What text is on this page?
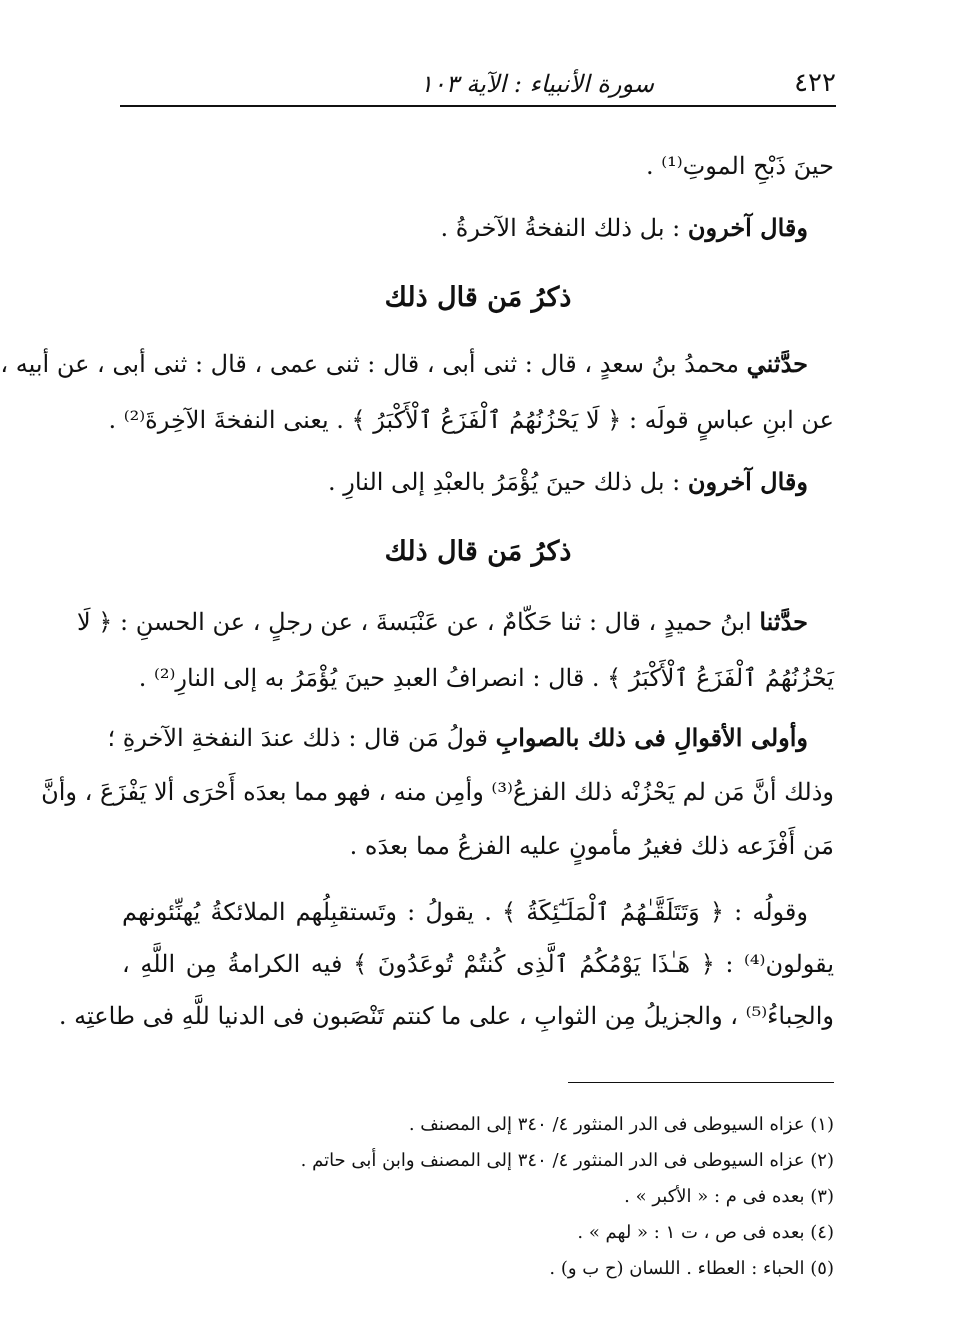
٤٢٢
سورة الأنبياء : الآية ١٠٣
حينَ ذَبْحِ الموتِ⁽¹⁾ .
وقال آخرون : بل ذلك النفخةُ الآخرةُ .
ذكرُ مَن قال ذلك
حدَّثني محمدُ بنُ سعدٍ ، قال : ثنى أبى ، قال : ثنى عمى ، قال : ثنى أبى ، عن أبيه ،
عن ابنِ عباسٍ قولَه : ﴿ لَا يَحْزُنُهُمُ ٱلْفَزَعُ ٱلْأَكْبَرُ ﴾ . يعنى النفخةَ الآخِرةَ⁽²⁾ .
وقال آخرون : بل ذلك حينَ يُؤْمَرُ بالعبْدِ إلى النارِ .
ذكرُ مَن قال ذلك
حدَّثنا ابنُ حميدٍ ، قال : ثنا حَكّامٌ ، عن عَنْبَسةَ ، عن رجلٍ ، عن الحسنِ : ﴿ لَا
يَحْزُنُهُمُ ٱلْفَزَعُ ٱلْأَكْبَرُ ﴾ . قال : انصرافُ العبدِ حينَ يُؤْمَرُ به إلى النارِ⁽²⁾ .
وأولى الأقوالِ فى ذلك بالصوابِ قولُ مَن قال : ذلك عندَ النفخةِ الآخرةِ ؛
وذلك أنَّ مَن لم يَحْزُنْه ذلك الفزعُ⁽³⁾ وأمِن منه ، فهو مما بعدَه أَحْرَى ألا يَفْزَعَ ، وأنَّ
مَن أَفْزَعه ذلك فغيرُ مأمونٍ عليه الفزعُ مما بعدَه .
وقولُه : ﴿ وَتَتَلَقَّـٰهُمُ ٱلْمَلَـٰٓئِكَةُ ﴾ . يقولُ : وتَستقبِلُهم الملائكةُ يُهنِّئونهم
يقولون⁽⁴⁾ : ﴿ هَـٰذَا يَوْمُكُمُ ٱلَّذِى كُنتُمْ تُوعَدُونَ ﴾ فيه الكرامةُ مِن اللَّهِ ،
والحِباءُ⁽⁵⁾ ، والجزيلُ مِن الثوابِ ، على ما كنتم تَنْصَبون فى الدنيا للَّهِ فى طاعتِه .
(١) عزاه السيوطى فى الدر المنثور ٤/ ٣٤٠ إلى المصنف .
(٢) عزاه السيوطى فى الدر المنثور ٤/ ٣٤٠ إلى المصنف وابن أبى حاتم .
(٣) بعده فى م : « الأكبر » .
(٤) بعده فى ص ، ت ١ : « لهم » .
(٥) الحباء : العطاء . اللسان (ح ب و) .
